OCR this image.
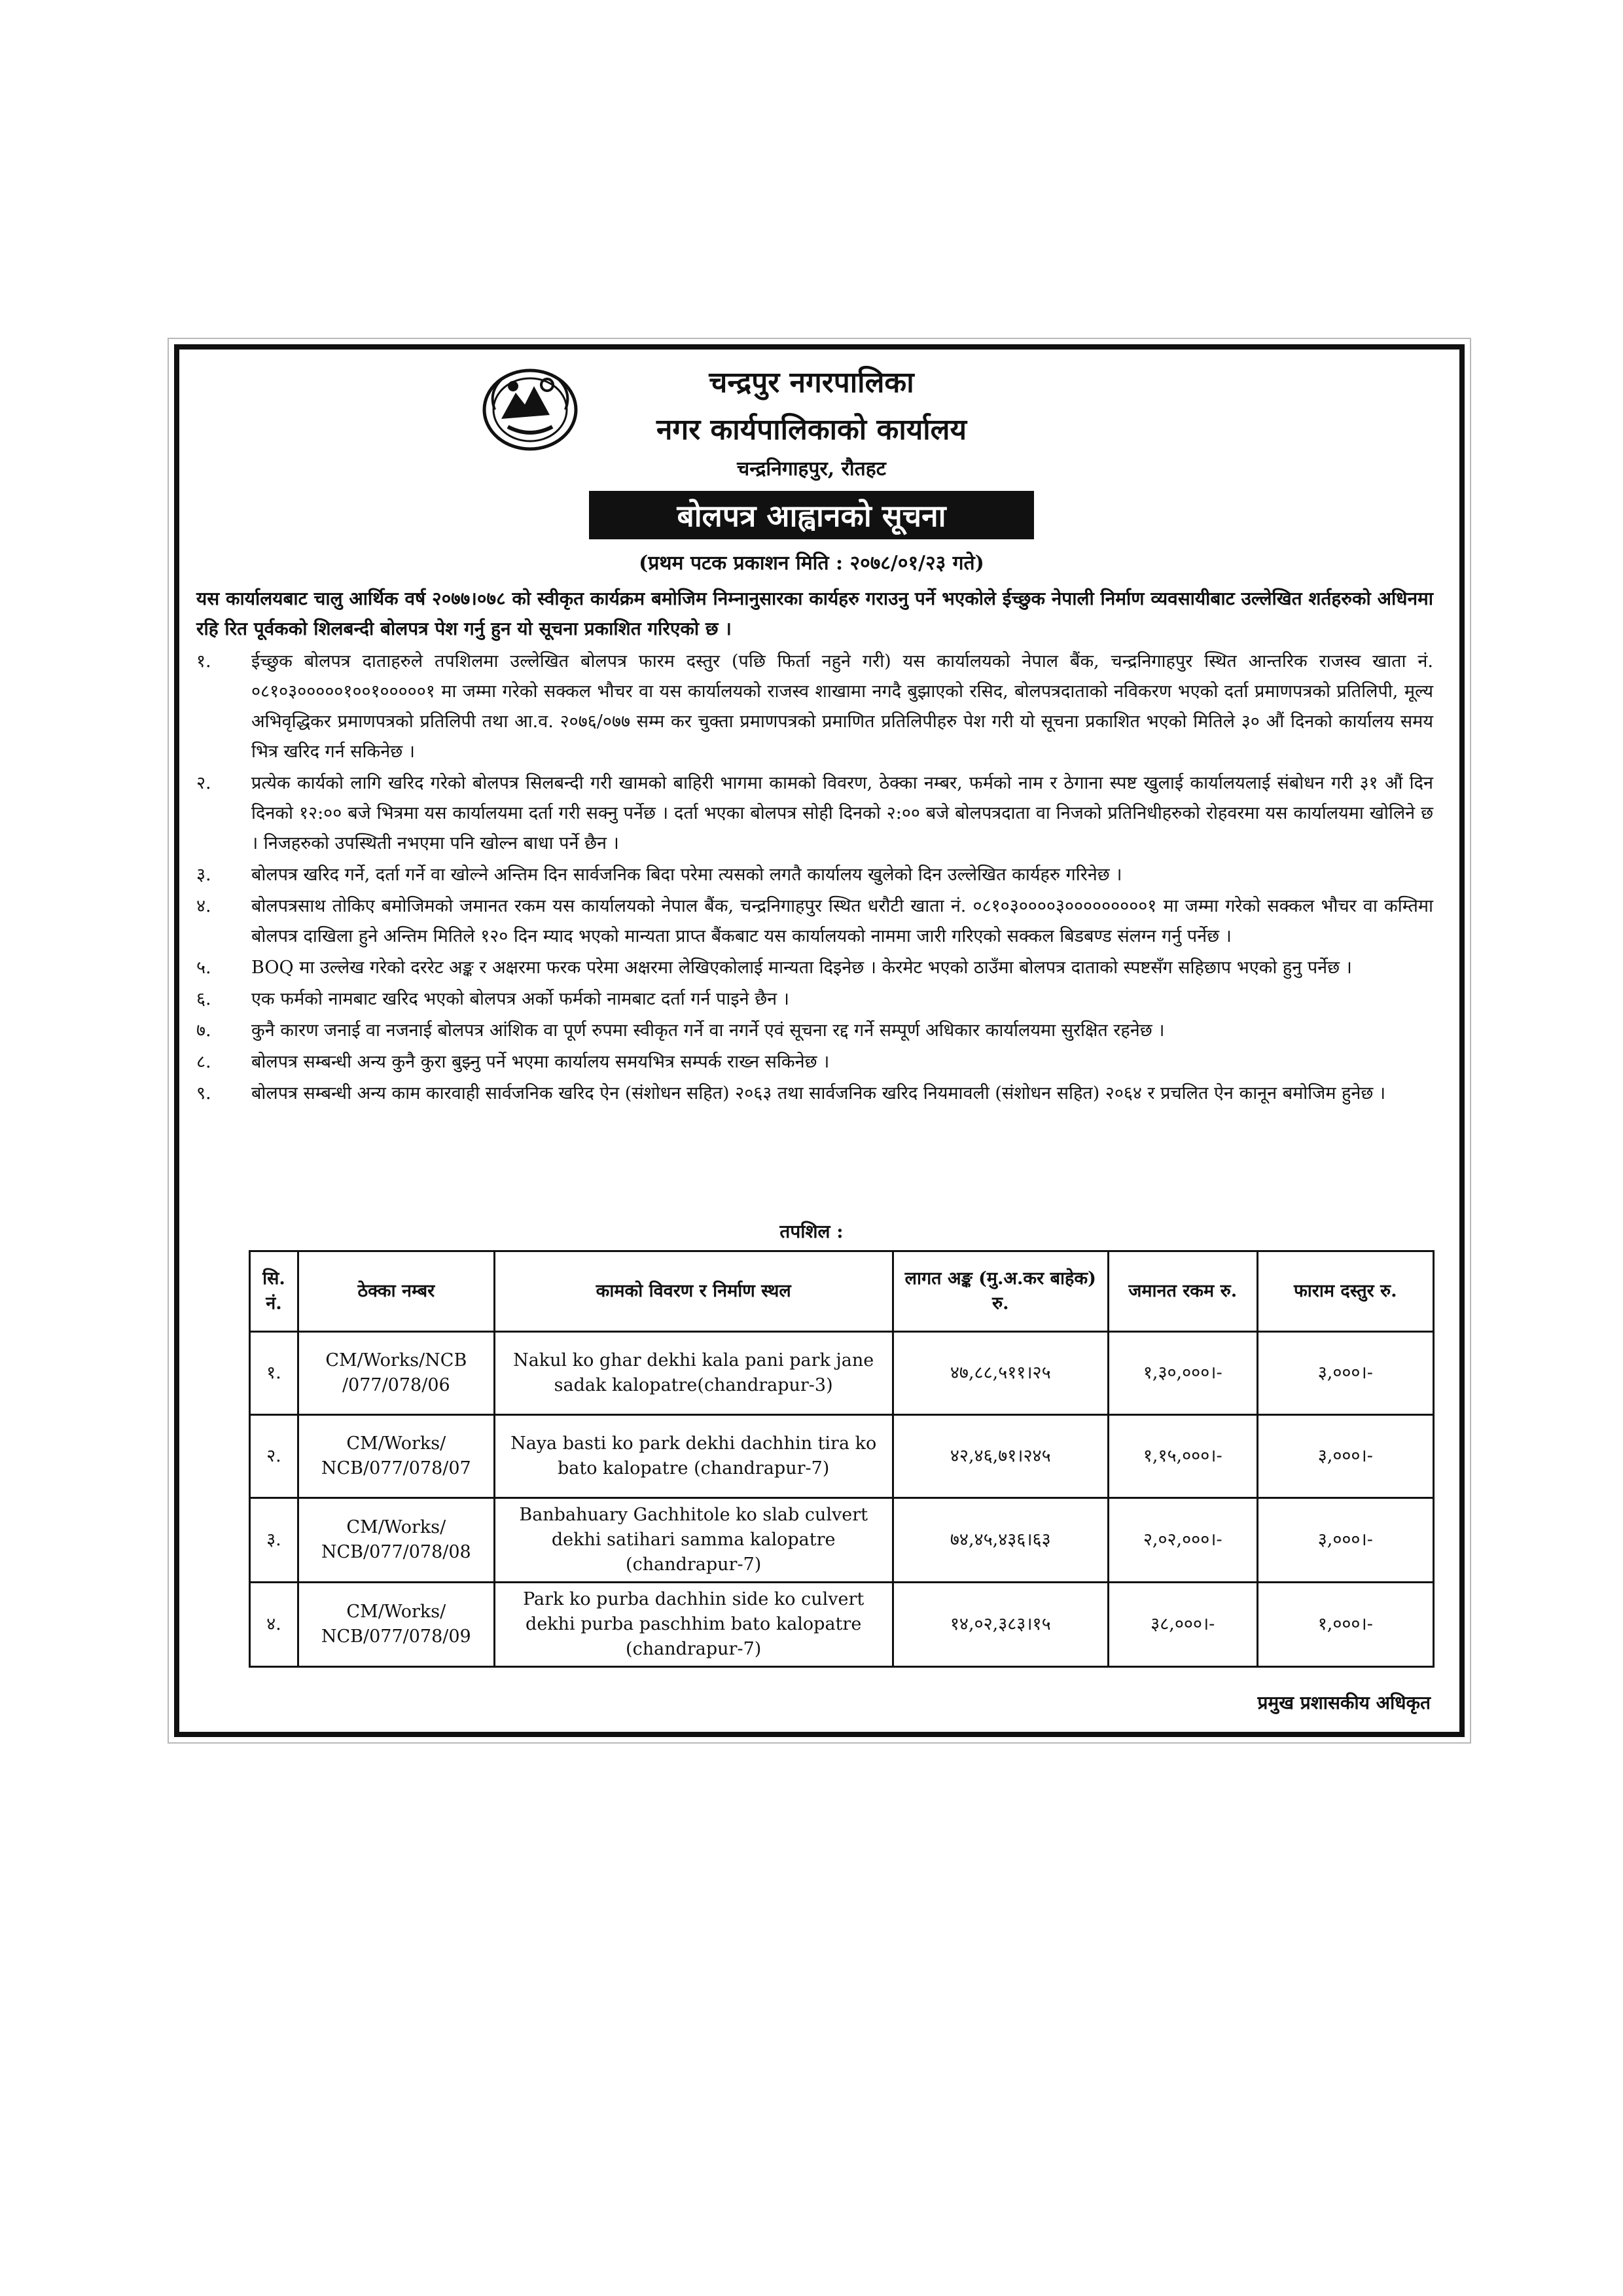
चन्द्रपुर नगरपालिका
नगर कार्यपालिकाको कार्यालय
चन्द्रनिगाहपुर, रौतहट
बोलपत्र आह्वानको सूचना
(प्रथम पटक प्रकाशन मिति : २०७८/०१/२३ गते)
यस कार्यालयबाट चालु आर्थिक वर्ष २०७७।०७८ को स्वीकृत कार्यक्रम बमोजिम निम्नानुसारका कार्यहरु गराउनु पर्ने भएकोले ईच्छुक नेपाली निर्माण व्यवसायीबाट उल्लेखित शर्तहरुको अधिनमा रहि रित पूर्वकको शिलबन्दी बोलपत्र पेश गर्नु हुन यो सूचना प्रकाशित गरिएको छ ।
१.	ईच्छुक बोलपत्र दाताहरुले तपशिलमा उल्लेखित बोलपत्र फारम दस्तुर (पछि फिर्ता नहुने गरी) यस कार्यालयको नेपाल बैंक, चन्द्रनिगाहपुर स्थित आन्तरिक राजस्व खाता नं. ०८१०३०००००१००१०००००१ मा जम्मा गरेको सक्कल भौचर वा यस कार्यालयको राजस्व शाखामा नगदै बुझाएको रसिद, बोलपत्रदाताको नविकरण भएको दर्ता प्रमाणपत्रको प्रतिलिपी, मूल्य अभिवृद्धिकर प्रमाणपत्रको प्रतिलिपी तथा आ.व. २०७६/०७७ सम्म कर चुक्ता प्रमाणपत्रको प्रमाणित प्रतिलिपीहरु पेश गरी यो सूचना प्रकाशित भएको मितिले ३० औं दिनको कार्यालय समय भित्र खरिद गर्न सकिनेछ ।
२.	प्रत्येक कार्यको लागि खरिद गरेको बोलपत्र सिलबन्दी गरी खामको बाहिरी भागमा कामको विवरण, ठेक्का नम्बर, फर्मको नाम र ठेगाना स्पष्ट खुलाई कार्यालयलाई संबोधन गरी ३१ औं दिन दिनको १२:०० बजे भित्रमा यस कार्यालयमा दर्ता गरी सक्नु पर्नेछ । दर्ता भएका बोलपत्र सोही दिनको २:०० बजे बोलपत्रदाता वा निजको प्रतिनिधीहरुको रोहवरमा यस कार्यालयमा खोलिने छ । निजहरुको उपस्थिती नभएमा पनि खोल्न बाधा पर्ने छैन ।
३.	बोलपत्र खरिद गर्ने, दर्ता गर्ने वा खोल्ने अन्तिम दिन सार्वजनिक बिदा परेमा त्यसको लगतै कार्यालय खुलेको दिन उल्लेखित कार्यहरु गरिनेछ ।
४.	बोलपत्रसाथ तोकिए बमोजिमको जमानत रकम यस कार्यालयको नेपाल बैंक, चन्द्रनिगाहपुर स्थित धरौटी खाता नं. ०८१०३००००३०००००००००१ मा जम्मा गरेको सक्कल भौचर वा कम्तिमा बोलपत्र दाखिला हुने अन्तिम मितिले १२० दिन म्याद भएको मान्यता प्राप्त बैंकबाट यस कार्यालयको नाममा जारी गरिएको सक्कल बिडबण्ड संलग्न गर्नु पर्नेछ ।
५.	BOQ मा उल्लेख गरेको दररेट अङ्क र अक्षरमा फरक परेमा अक्षरमा लेखिएकोलाई मान्यता दिइनेछ । केरमेट भएको ठाउँमा बोलपत्र दाताको स्पष्टसँग सहिछाप भएको हुनु पर्नेछ ।
६.	एक फर्मको नामबाट खरिद भएको बोलपत्र अर्को फर्मको नामबाट दर्ता गर्न पाइने छैन ।
७.	कुनै कारण जनाई वा नजनाई बोलपत्र आंशिक वा पूर्ण रुपमा स्वीकृत गर्ने वा नगर्ने एवं सूचना रद्द गर्ने सम्पूर्ण अधिकार कार्यालयमा सुरक्षित रहनेछ ।
८.	बोलपत्र सम्बन्धी अन्य कुनै कुरा बुझ्नु पर्ने भएमा कार्यालय समयभित्र सम्पर्क राख्न सकिनेछ ।
९.	बोलपत्र सम्बन्धी अन्य काम कारवाही सार्वजनिक खरिद ऐन (संशोधन सहित) २०६३ तथा सार्वजनिक खरिद नियमावली (संशोधन सहित) २०६४ र प्रचलित ऐन कानून बमोजिम हुनेछ ।
तपशिल :
सि. नं.	ठेक्का नम्बर	कामको विवरण र निर्माण स्थल	लागत अङ्क (मु.अ.कर बाहेक) रु.	जमानत रकम रु.	फाराम दस्तुर रु.
१.	CM/Works/NCB /077/078/06	Nakul ko ghar dekhi kala pani park jane sadak kalopatre(chandrapur-3)	४७,८८,५११।२५	१,३०,०००।-	३,०००।-
२.	CM/Works/ NCB/077/078/07	Naya basti ko park dekhi dachhin tira ko bato kalopatre (chandrapur-7)	४२,४६,७१।२४५	१,१५,०००।-	३,०००।-
३.	CM/Works/ NCB/077/078/08	Banbahuary Gachhitole ko slab culvert dekhi satihari samma kalopatre (chandrapur-7)	७४,४५,४३६।६३	२,०२,०००।-	३,०००।-
४.	CM/Works/ NCB/077/078/09	Park ko purba dachhin side ko culvert dekhi purba paschhim bato kalopatre (chandrapur-7)	१४,०२,३८३।१५	३८,०००।-	१,०००।-
प्रमुख प्रशासकीय अधिकृत
